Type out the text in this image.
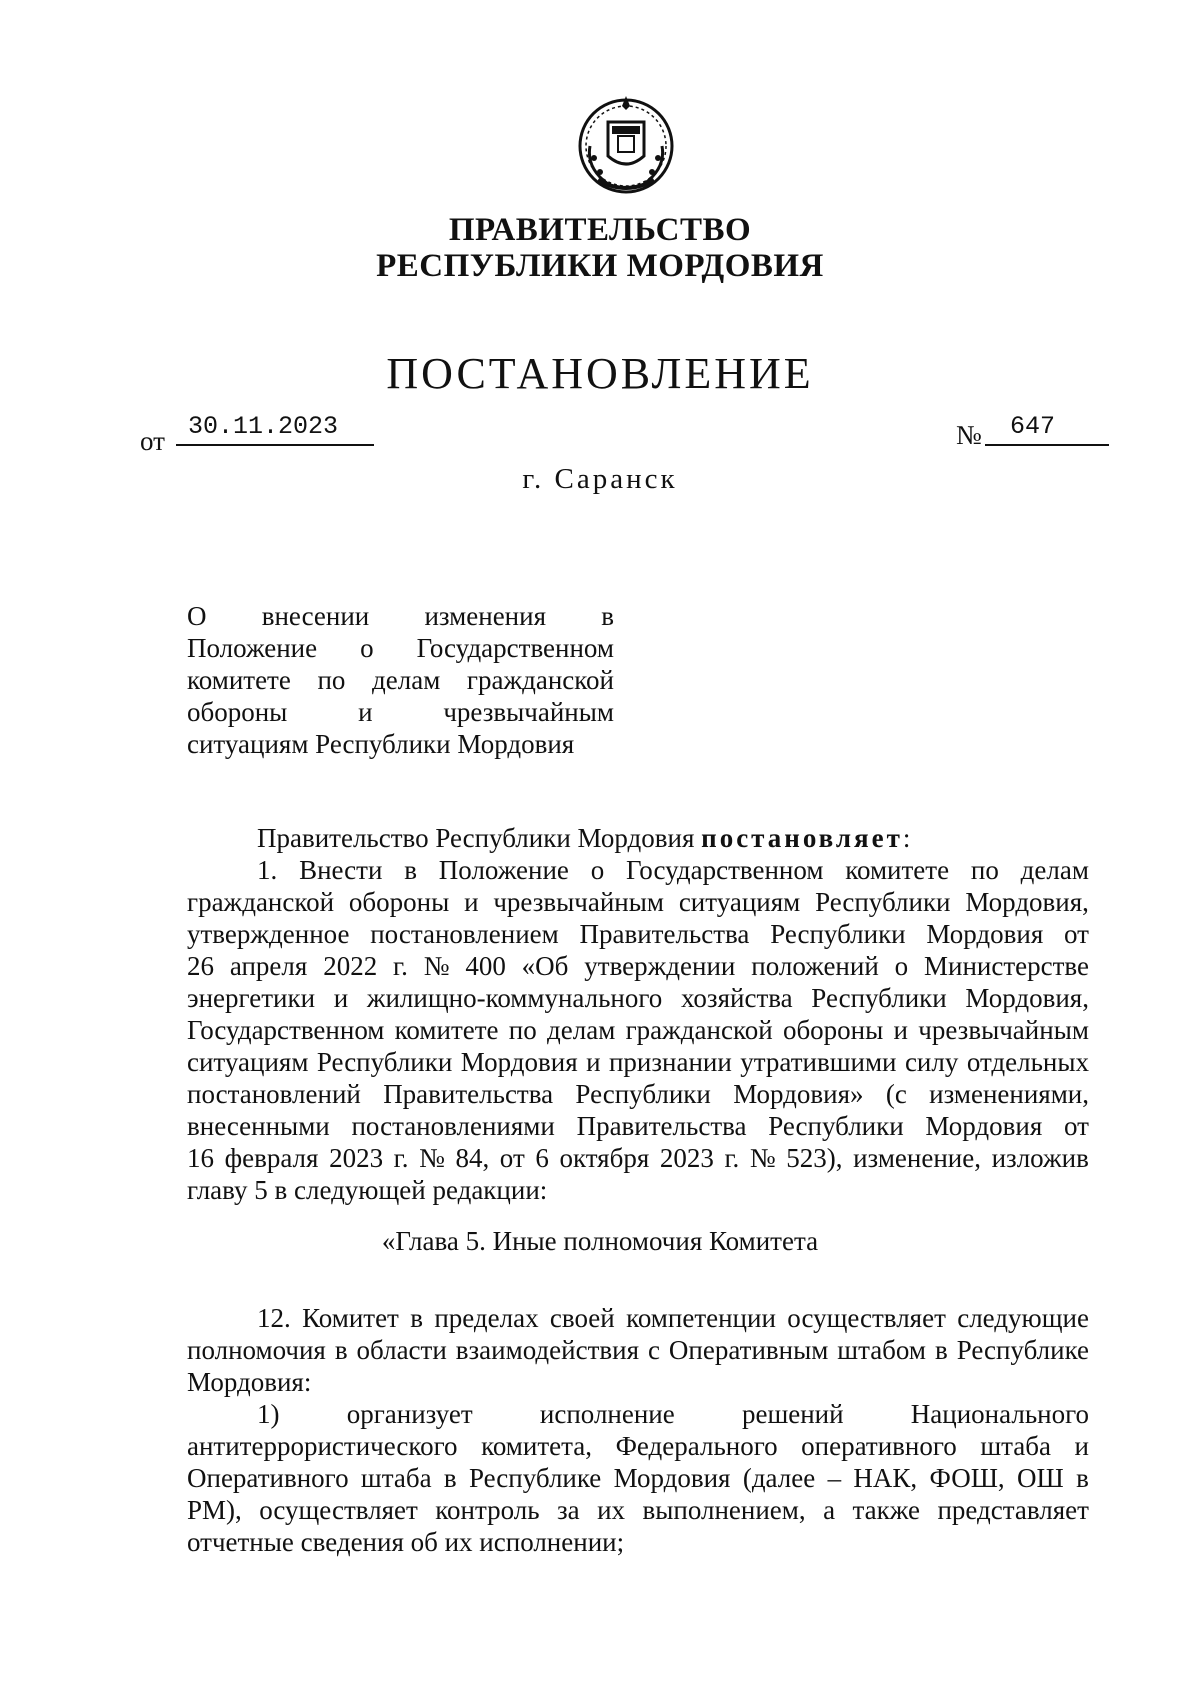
ПРАВИТЕЛЬСТВО
РЕСПУБЛИКИ МОРДОВИЯ
ПОСТАНОВЛЕНИЕ
от 30.11.2023	№ 647
г. Саранск
О внесении изменения в
Положение о Государственном
комитете по делам гражданской
обороны	и	чрезвычайным
ситуациям Республики Мордовия
Правительство Республики Мордовия постановляет:
1. Внести в Положение о Государственном комитете по делам
гражданской обороны и чрезвычайным ситуациям Республики Мордовия,
утвержденное постановлением Правительства Республики Мордовия от
26 апреля 2022 г. № 400 «Об утверждении положений о Министерстве
энергетики и жилищно-коммунального хозяйства Республики Мордовия,
Государственном комитете по делам гражданской обороны и чрезвычайным
ситуациям Республики Мордовия и признании утратившими силу отдельных
постановлений Правительства Республики Мордовия» (с изменениями,
внесенными постановлениями Правительства Республики Мордовия от
16 февраля 2023 г. № 84, от 6 октября 2023 г. № 523), изменение, изложив
главу 5 в следующей редакции:
«Глава 5. Иные полномочия Комитета
12. Комитет в пределах своей компетенции осуществляет следующие
полномочия в области взаимодействия с Оперативным штабом в Республике
Мордовия:
1) организует исполнение решений Национального
антитеррористического комитета, Федерального оперативного штаба и
Оперативного штаба в Республике Мордовия (далее – НАК, ФОШ, ОШ в
РМ), осуществляет контроль за их выполнением, а также представляет
отчетные сведения об их исполнении;
